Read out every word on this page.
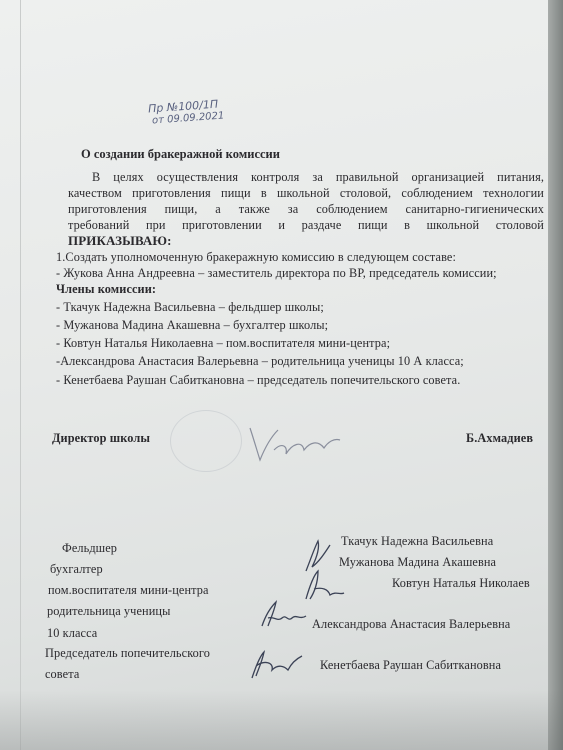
Пр №100/1П
от 09.09.2021
О создании бракеражной комиссии
В целях осуществления контроля за правильной организацией питания,
качеством приготовления пищи в школьной столовой, соблюдением технологии
приготовления пищи, а также за соблюдением санитарно-гигиенических
требований при приготовлении и раздаче пищи в школьной столовой
ПРИКАЗЫВАЮ:
1.Создать уполномоченную бракеражную комиссию в следующем составе:
- Жукова Анна Андреевна – заместитель директора по ВР, председатель комиссии;
Члены комиссии:
- Ткачук Надежна Васильевна – фельдшер школы;
- Мужанова Мадина Акашевна – бухгалтер школы;
- Ковтун Наталья Николаевна – пом.воспитателя мини-центра;
-Александрова Анастасия Валерьевна – родительница ученицы 10 А класса;
- Кенетбаева Раушан Сабиткановна – председатель попечительского совета.
Директор школы	Б.Ахмадиев
Фельдшер
бухгалтер
пом.воспитателя мини-центра
родительница ученицы
10 класса
Председатель попечительского
совета
Ткачук Надежна Васильевна
Мужанова Мадина Акашевна
Ковтун Наталья Николаев
Александрова Анастасия Валерьевна
Кенетбаева Раушан Сабиткановна
